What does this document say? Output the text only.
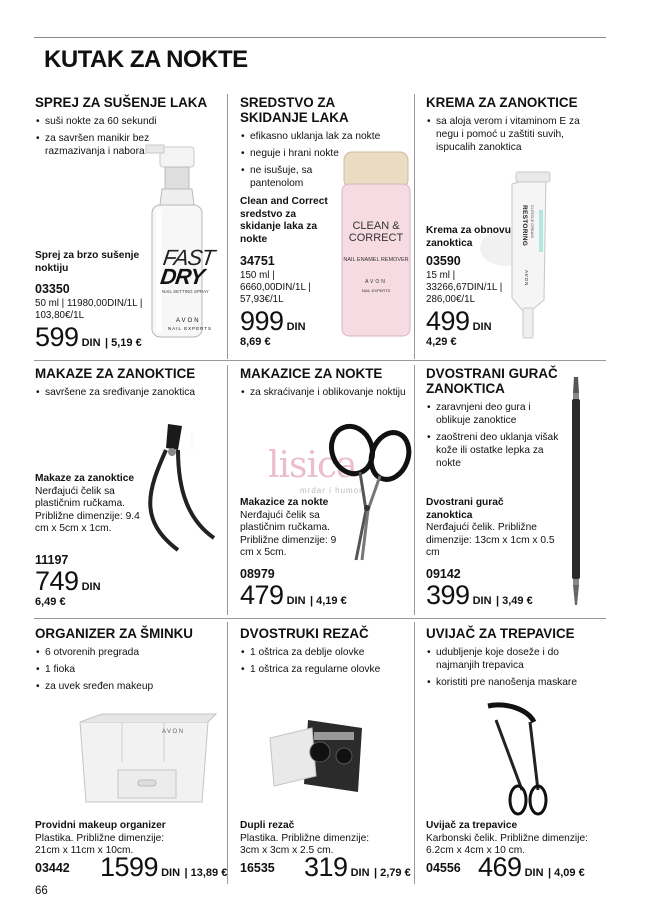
KUTAK ZA NOKTE
SPREJ ZA SUŠENJE LAKA
• suši nokte za 60 sekundi
• za savršen manikir bez razmazivanja i nabora
FAST
DRY
NAIL SETTING SPRAY
AVON
NAIL EXPERTS
Sprej za brzo sušenje noktiju
03350
50 ml | 11980,00DIN/1L | 103,80€/1L
599 DIN | 5,19 €
SREDSTVO ZA SKIDANJE LAKA
• efikasno uklanja lak za nokte
• neguje i hrani nokte
• ne isušuje, sa pantenolom
CLEAN &
CORRECT
NAIL ENAMEL REMOVER
AVON
NAIL EXPERTS
Clean and Correct sredstvo za skidanje laka za nokte
34751
150 ml | 6660,00DIN/1L | 57,93€/1L
999 DIN
8,69 €
KREMA ZA ZANOKTICE
• sa alojа verom i vitaminom E za negu i pomoć u zaštiti suvih, ispucalih zanoktica
RESTORING CUTICLE CREAM
AVON
Krema za obnovu zanoktica
03590
15 ml | 33266,67DIN/1L | 286,00€/1L
499 DIN
4,29 €
MAKAZE ZA ZANOKTICE
• savršene za sređivanje zanoktica
AVON
Makaze za zanoktice
Nerđajući čelik sa plastičnim ručkama. Približne dimenzije: 9.4 cm x 5cm x 1cm.
11197
749 DIN
6,49 €
MAKAZICE ZA NOKTE
• za skraćivanje i oblikovanje noktiju
lisica
mrdar i humor
Makazice za nokte
Nerđajući čelik sa plastičnim ručkama. Približne dimenzije: 9 cm x 5cm.
08979
479 DIN | 4,19 €
DVOSTRANI GURAČ ZANOKTICA
• zaravnjeni deo gura i oblikuje zanoktice
• zaoštreni deo uklanja višak kože ili ostatke lepka za nokte
Dvostrani gurač zanoktica
Nerđajući čelik. Približne dimenzije: 13cm x 1cm x 0.5 cm
09142
399 DIN | 3,49 €
ORGANIZER ZA ŠMINKU
• 6 otvorenih pregrada
• 1 fioka
• za uvek sređen makeup
AVON
Providni makeup organizer
Plastika. Približne dimenzije: 21cm x 11cm x 10cm.
03442 1599 DIN | 13,89 €
DVOSTRUKI REZAČ
• 1 oštrica za deblje olovke
• 1 oštrica za regularne olovke
Dupli rezač
Plastika. Približne dimenzije: 3cm x 3cm x 2.5 cm.
16535 319 DIN | 2,79 €
UVIJAČ ZA TREPAVICE
• udubljenje koje doseže i do najmanjih trepavica
• koristiti pre nanošenja maskare
Uvijač za trepavice
Karbonski čelik. Približne dimenzije: 6.2cm x 4cm x 10 cm.
04556 469 DIN | 4,09 €
66
